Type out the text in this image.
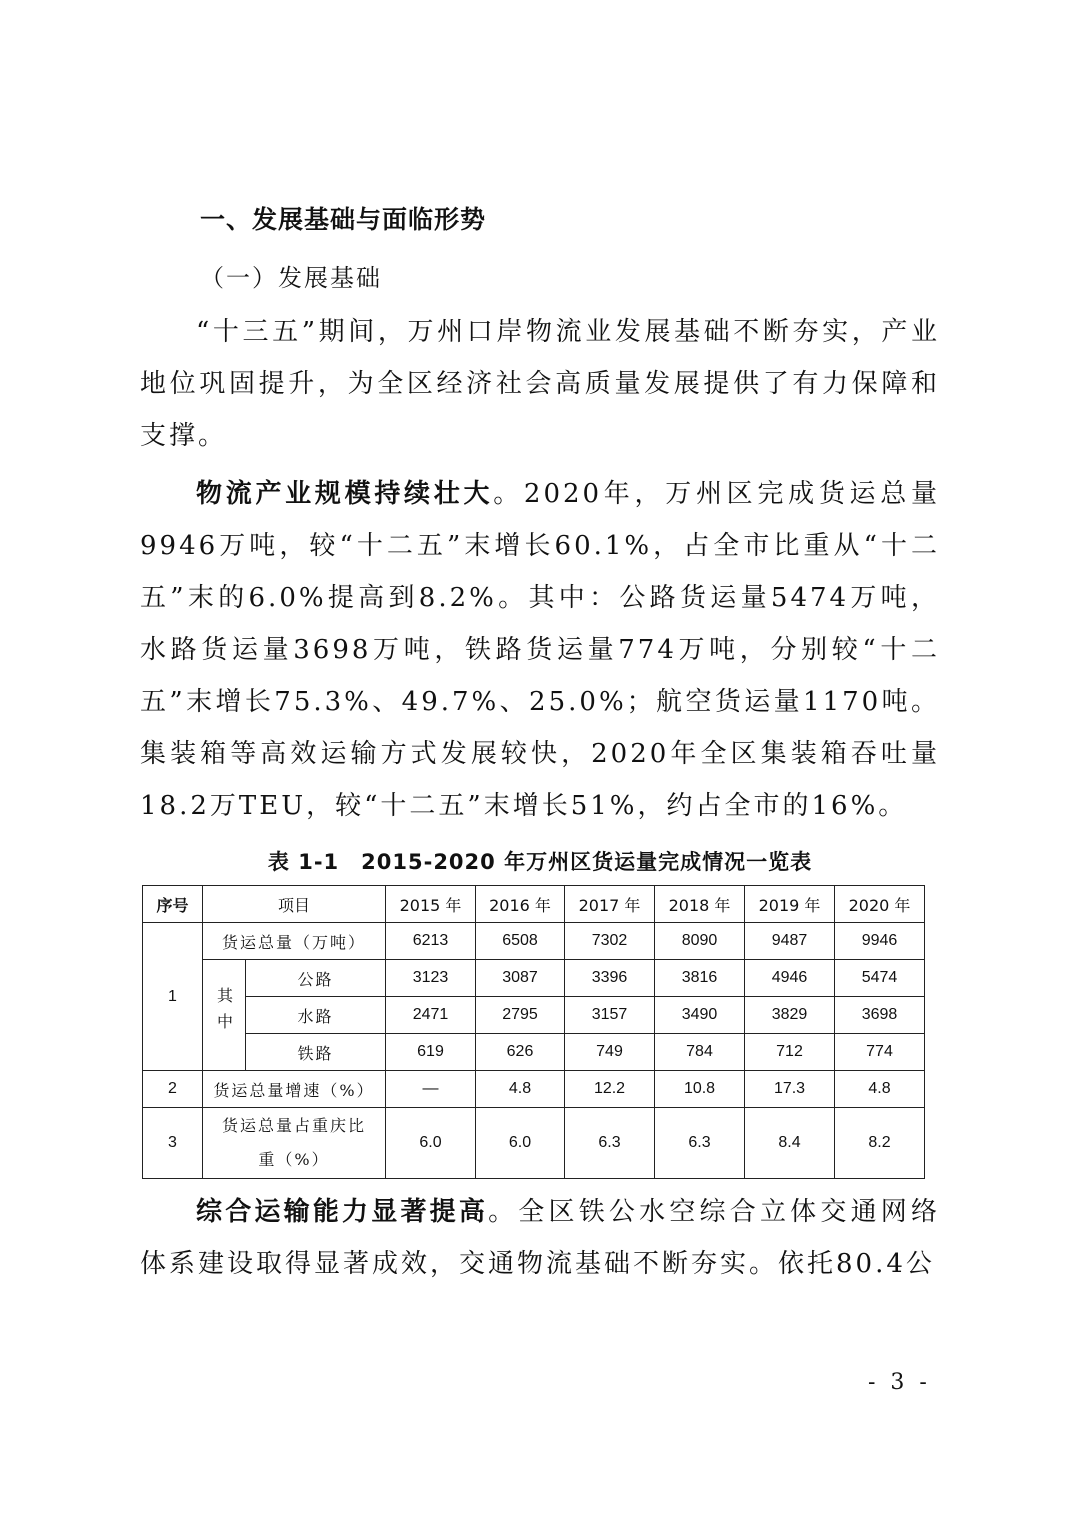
一、发展基础与面临形势
（一）发展基础

“十三五”期间，万州口岸物流业发展基础不断夯实，产业地位巩固提升，为全区经济社会高质量发展提供了有力保障和支撑。

物流产业规模持续壮大。2020年，万州区完成货运总量9946万吨，较“十二五”末增长60.1%，占全市比重从“十二五”末的6.0%提高到8.2%。其中：公路货运量5474万吨，水路货运量3698万吨，铁路货运量774万吨，分别较“十二五”末增长75.3%、49.7%、25.0%；航空货运量1170吨。集装箱等高效运输方式发展较快，2020年全区集装箱吞吐量18.2万TEU，较“十二五”末增长51%，约占全市的16%。

表 1-1　2015-2020 年万州区货运量完成情况一览表
序号	项目		2015 年	2016 年	2017 年	2018 年	2019 年	2020 年
1	货运总量（万吨）		6213	6508	7302	8090	9487	9946
	其中	公路	3123	3087	3396	3816	4946	5474
		水路	2471	2795	3157	3490	3829	3698
		铁路	619	626	749	784	712	774
2	货运总量增速（%）		—	4.8	12.2	10.8	17.3	4.8
3	货运总量占重庆比重（%）		6.0	6.0	6.3	6.3	8.4	8.2

综合运输能力显著提高。全区铁公水空综合立体交通网络体系建设取得显著成效，交通物流基础不断夯实。依托80.4公

- 3 -
